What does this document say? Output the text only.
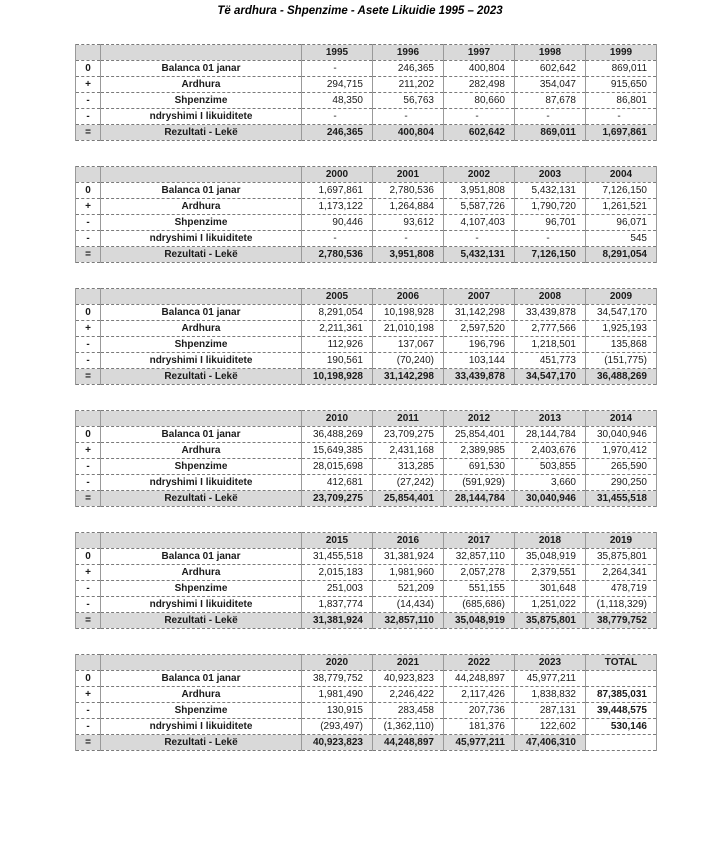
Të ardhura - Shpenzime - Asete Likuidie 1995 – 2023
		1995	1996	1997	1998	1999
0	Balanca 01 janar	-	246,365	400,804	602,642	869,011
+	Ardhura	294,715	211,202	282,498	354,047	915,650
-	Shpenzime	48,350	56,763	80,660	87,678	86,801
-	ndryshimi I likuiditete	-	-	-	-	-
=	Rezultati - Lekë	246,365	400,804	602,642	869,011	1,697,861
		2000	2001	2002	2003	2004
0	Balanca 01 janar	1,697,861	2,780,536	3,951,808	5,432,131	7,126,150
+	Ardhura	1,173,122	1,264,884	5,587,726	1,790,720	1,261,521
-	Shpenzime	90,446	93,612	4,107,403	96,701	96,071
-	ndryshimi I likuiditete	-	-	-	-	545
=	Rezultati - Lekë	2,780,536	3,951,808	5,432,131	7,126,150	8,291,054
		2005	2006	2007	2008	2009
0	Balanca 01 janar	8,291,054	10,198,928	31,142,298	33,439,878	34,547,170
+	Ardhura	2,211,361	21,010,198	2,597,520	2,777,566	1,925,193
-	Shpenzime	112,926	137,067	196,796	1,218,501	135,868
-	ndryshimi I likuiditete	190,561	(70,240)	103,144	451,773	(151,775)
=	Rezultati - Lekë	10,198,928	31,142,298	33,439,878	34,547,170	36,488,269
		2010	2011	2012	2013	2014
0	Balanca 01 janar	36,488,269	23,709,275	25,854,401	28,144,784	30,040,946
+	Ardhura	15,649,385	2,431,168	2,389,985	2,403,676	1,970,412
-	Shpenzime	28,015,698	313,285	691,530	503,855	265,590
-	ndryshimi I likuiditete	412,681	(27,242)	(591,929)	3,660	290,250
=	Rezultati - Lekë	23,709,275	25,854,401	28,144,784	30,040,946	31,455,518
		2015	2016	2017	2018	2019
0	Balanca 01 janar	31,455,518	31,381,924	32,857,110	35,048,919	35,875,801
+	Ardhura	2,015,183	1,981,960	2,057,278	2,379,551	2,264,341
-	Shpenzime	251,003	521,209	551,155	301,648	478,719
-	ndryshimi I likuiditete	1,837,774	(14,434)	(685,686)	1,251,022	(1,118,329)
=	Rezultati - Lekë	31,381,924	32,857,110	35,048,919	35,875,801	38,779,752
		2020	2021	2022	2023	TOTAL
0	Balanca 01 janar	38,779,752	40,923,823	44,248,897	45,977,211	
+	Ardhura	1,981,490	2,246,422	2,117,426	1,838,832	87,385,031
-	Shpenzime	130,915	283,458	207,736	287,131	39,448,575
-	ndryshimi I likuiditete	(293,497)	(1,362,110)	181,376	122,602	530,146
=	Rezultati - Lekë	40,923,823	44,248,897	45,977,211	47,406,310	
